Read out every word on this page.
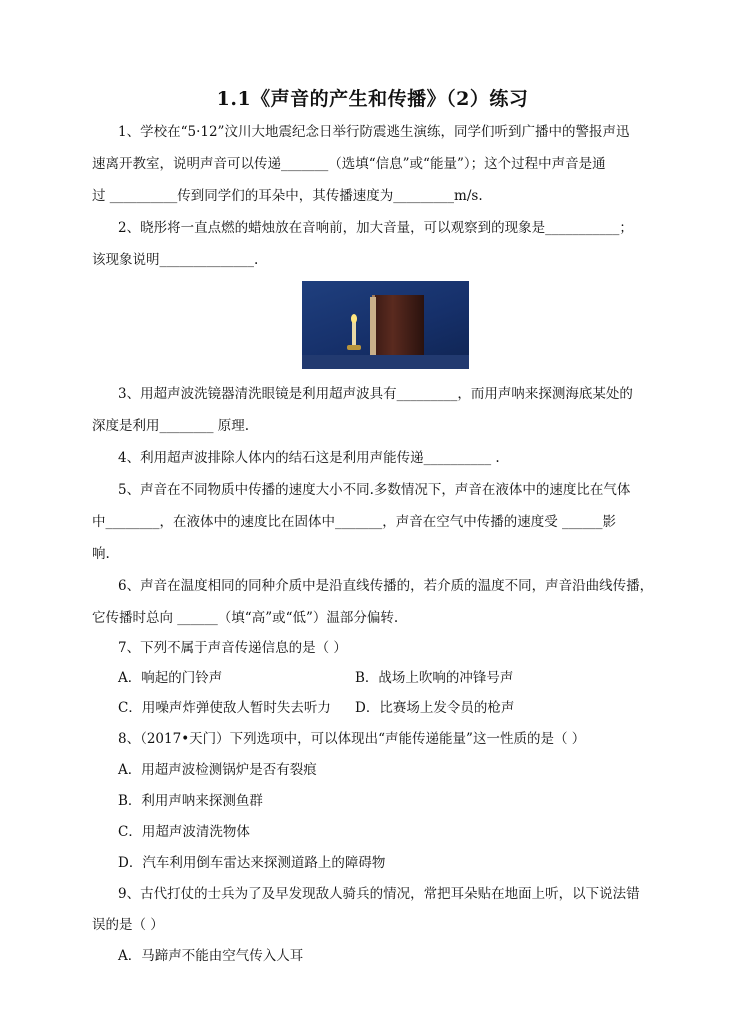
1.1《声音的产生和传播》（2）练习
1、学校在“5·12”汶川大地震纪念日举行防震逃生演练，同学们听到广播中的警报声迅
速离开教室，说明声音可以传递_______（选填“信息”或“能量”）；这个过程中声音是通
过 __________传到同学们的耳朵中，其传播速度为_________m/s.
2、晓彤将一直点燃的蜡烛放在音响前，加大音量，可以观察到的现象是___________；
该现象说明______________.
3、用超声波洗镜器清洗眼镜是利用超声波具有_________，而用声呐来探测海底某处的
深度是利用________ 原理.
4、利用超声波排除人体内的结石这是利用声能传递__________ .
5、声音在不同物质中传播的速度大小不同.多数情况下，声音在液体中的速度比在气体
中________，在液体中的速度比在固体中_______，声音在空气中传播的速度受 ______影
响.
6、声音在温度相同的同种介质中是沿直线传播的，若介质的温度不同，声音沿曲线传播，
它传播时总向 ______（填“高”或“低”）温部分偏转.
7、下列不属于声音传递信息的是（ ）
A．响起的门铃声	B．战场上吹响的冲锋号声
C．用噪声炸弹使敌人暂时失去听力 D．比赛场上发令员的枪声
8、（2017•天门）下列选项中，可以体现出“声能传递能量”这一性质的是（ ）
A．用超声波检测锅炉是否有裂痕
B．利用声呐来探测鱼群
C．用超声波清洗物体
D．汽车利用倒车雷达来探测道路上的障碍物
9、古代打仗的士兵为了及早发现敌人骑兵的情况，常把耳朵贴在地面上听，以下说法错
误的是（ ）
A．马蹄声不能由空气传入人耳
